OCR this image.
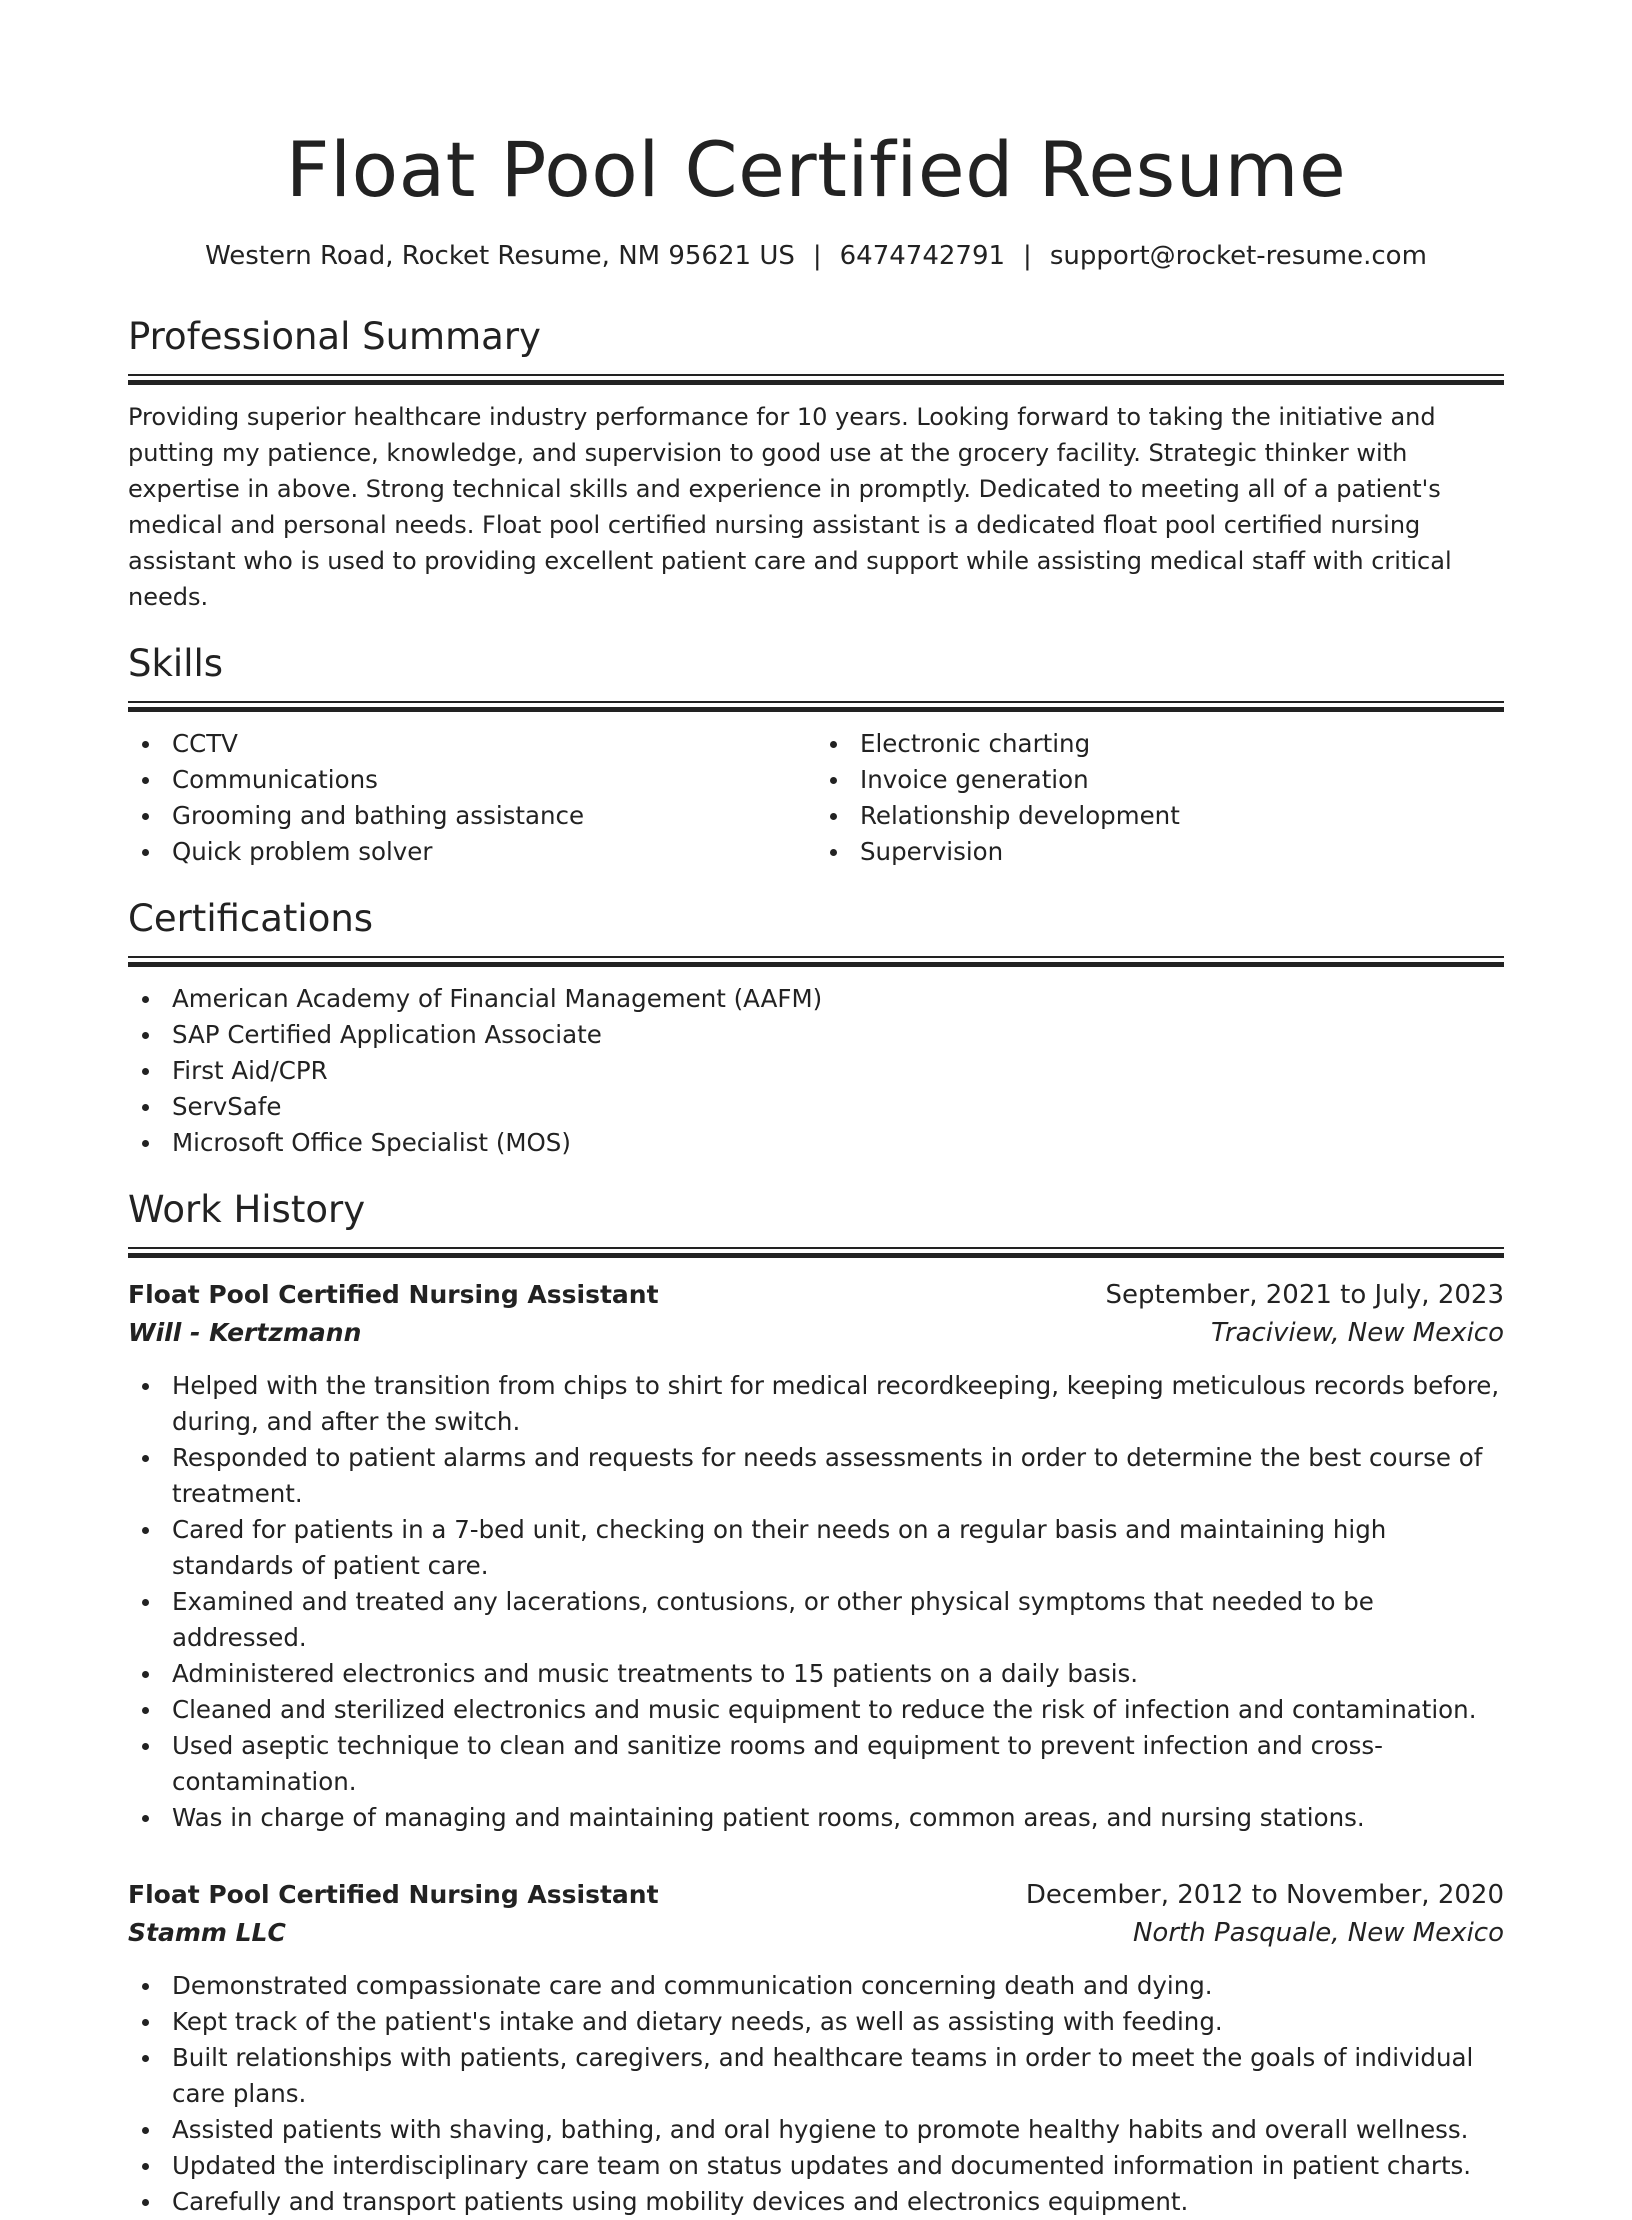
Float Pool Certified Resume
Western Road, Rocket Resume, NM 95621 US | 6474742791 | support@rocket-resume.com
Professional Summary

Providing superior healthcare industry performance for 10 years. Looking forward to taking the initiative and putting my patience, knowledge, and supervision to good use at the grocery facility. Strategic thinker with expertise in above. Strong technical skills and experience in promptly. Dedicated to meeting all of a patient's medical and personal needs. Float pool certified nursing assistant is a dedicated float pool certified nursing assistant who is used to providing excellent patient care and support while assisting medical staff with critical needs.

Skills
CCTV
Communications
Grooming and bathing assistance
Quick problem solver
Electronic charting
Invoice generation
Relationship development
Supervision
Certifications
American Academy of Financial Management (AAFM)
SAP Certified Application Associate
First Aid/CPR
ServSafe
Microsoft Office Specialist (MOS)
Work History
Float Pool Certified Nursing Assistant	September, 2021 to July, 2023
Will - Kertzmann	Traciview, New Mexico
Helped with the transition from chips to shirt for medical recordkeeping, keeping meticulous records before, during, and after the switch.
Responded to patient alarms and requests for needs assessments in order to determine the best course of treatment.
Cared for patients in a 7-bed unit, checking on their needs on a regular basis and maintaining high standards of patient care.
Examined and treated any lacerations, contusions, or other physical symptoms that needed to be addressed.
Administered electronics and music treatments to 15 patients on a daily basis.
Cleaned and sterilized electronics and music equipment to reduce the risk of infection and contamination.
Used aseptic technique to clean and sanitize rooms and equipment to prevent infection and cross-contamination.
Was in charge of managing and maintaining patient rooms, common areas, and nursing stations.
Float Pool Certified Nursing Assistant	December, 2012 to November, 2020
Stamm LLC	North Pasquale, New Mexico
Demonstrated compassionate care and communication concerning death and dying.
Kept track of the patient's intake and dietary needs, as well as assisting with feeding.
Built relationships with patients, caregivers, and healthcare teams in order to meet the goals of individual care plans.
Assisted patients with shaving, bathing, and oral hygiene to promote healthy habits and overall wellness.
Updated the interdisciplinary care team on status updates and documented information in patient charts.
Carefully and transport patients using mobility devices and electronics equipment.
